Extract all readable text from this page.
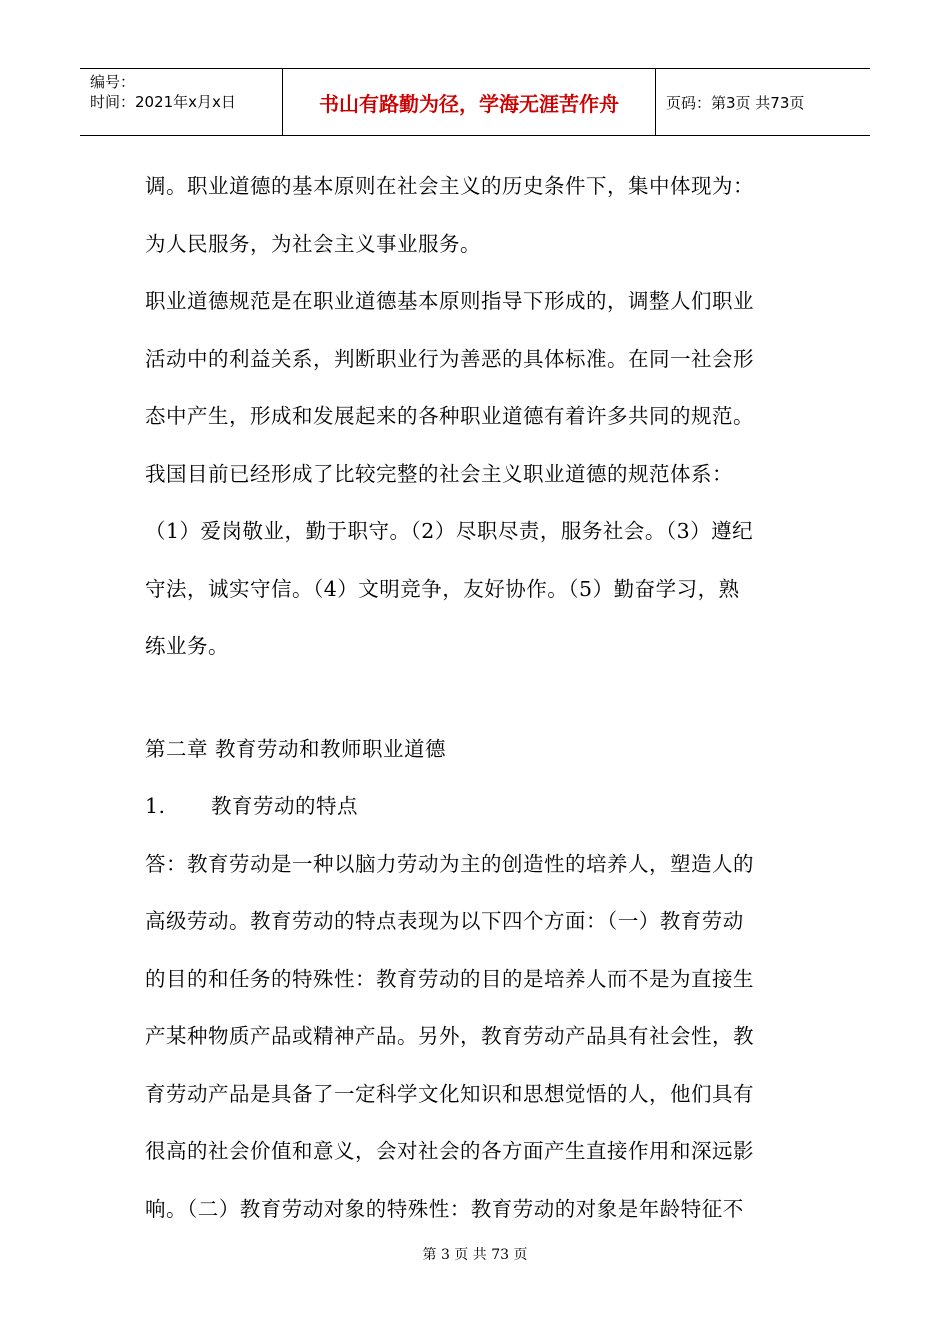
编号：
时间：2021年x月x日	书山有路勤为径，学海无涯苦作舟	页码：第3页 共73页
调。职业道德的基本原则在社会主义的历史条件下，集中体现为：
为人民服务，为社会主义事业服务。
职业道德规范是在职业道德基本原则指导下形成的，调整人们职业
活动中的利益关系，判断职业行为善恶的具体标准。在同一社会形
态中产生，形成和发展起来的各种职业道德有着许多共同的规范。
我国目前已经形成了比较完整的社会主义职业道德的规范体系：
（1）爱岗敬业，勤于职守。（2）尽职尽责，服务社会。（3）遵纪
守法，诚实守信。（4）文明竞争，友好协作。（5）勤奋学习，熟
练业务。
第二章 教育劳动和教师职业道德
1. 教育劳动的特点
答：教育劳动是一种以脑力劳动为主的创造性的培养人，塑造人的
高级劳动。教育劳动的特点表现为以下四个方面：（一）教育劳动
的目的和任务的特殊性：教育劳动的目的是培养人而不是为直接生
产某种物质产品或精神产品。另外，教育劳动产品具有社会性，教
育劳动产品是具备了一定科学文化知识和思想觉悟的人，他们具有
很高的社会价值和意义，会对社会的各方面产生直接作用和深远影
响。（二）教育劳动对象的特殊性：教育劳动的对象是年龄特征不
第 3 页 共 73 页
